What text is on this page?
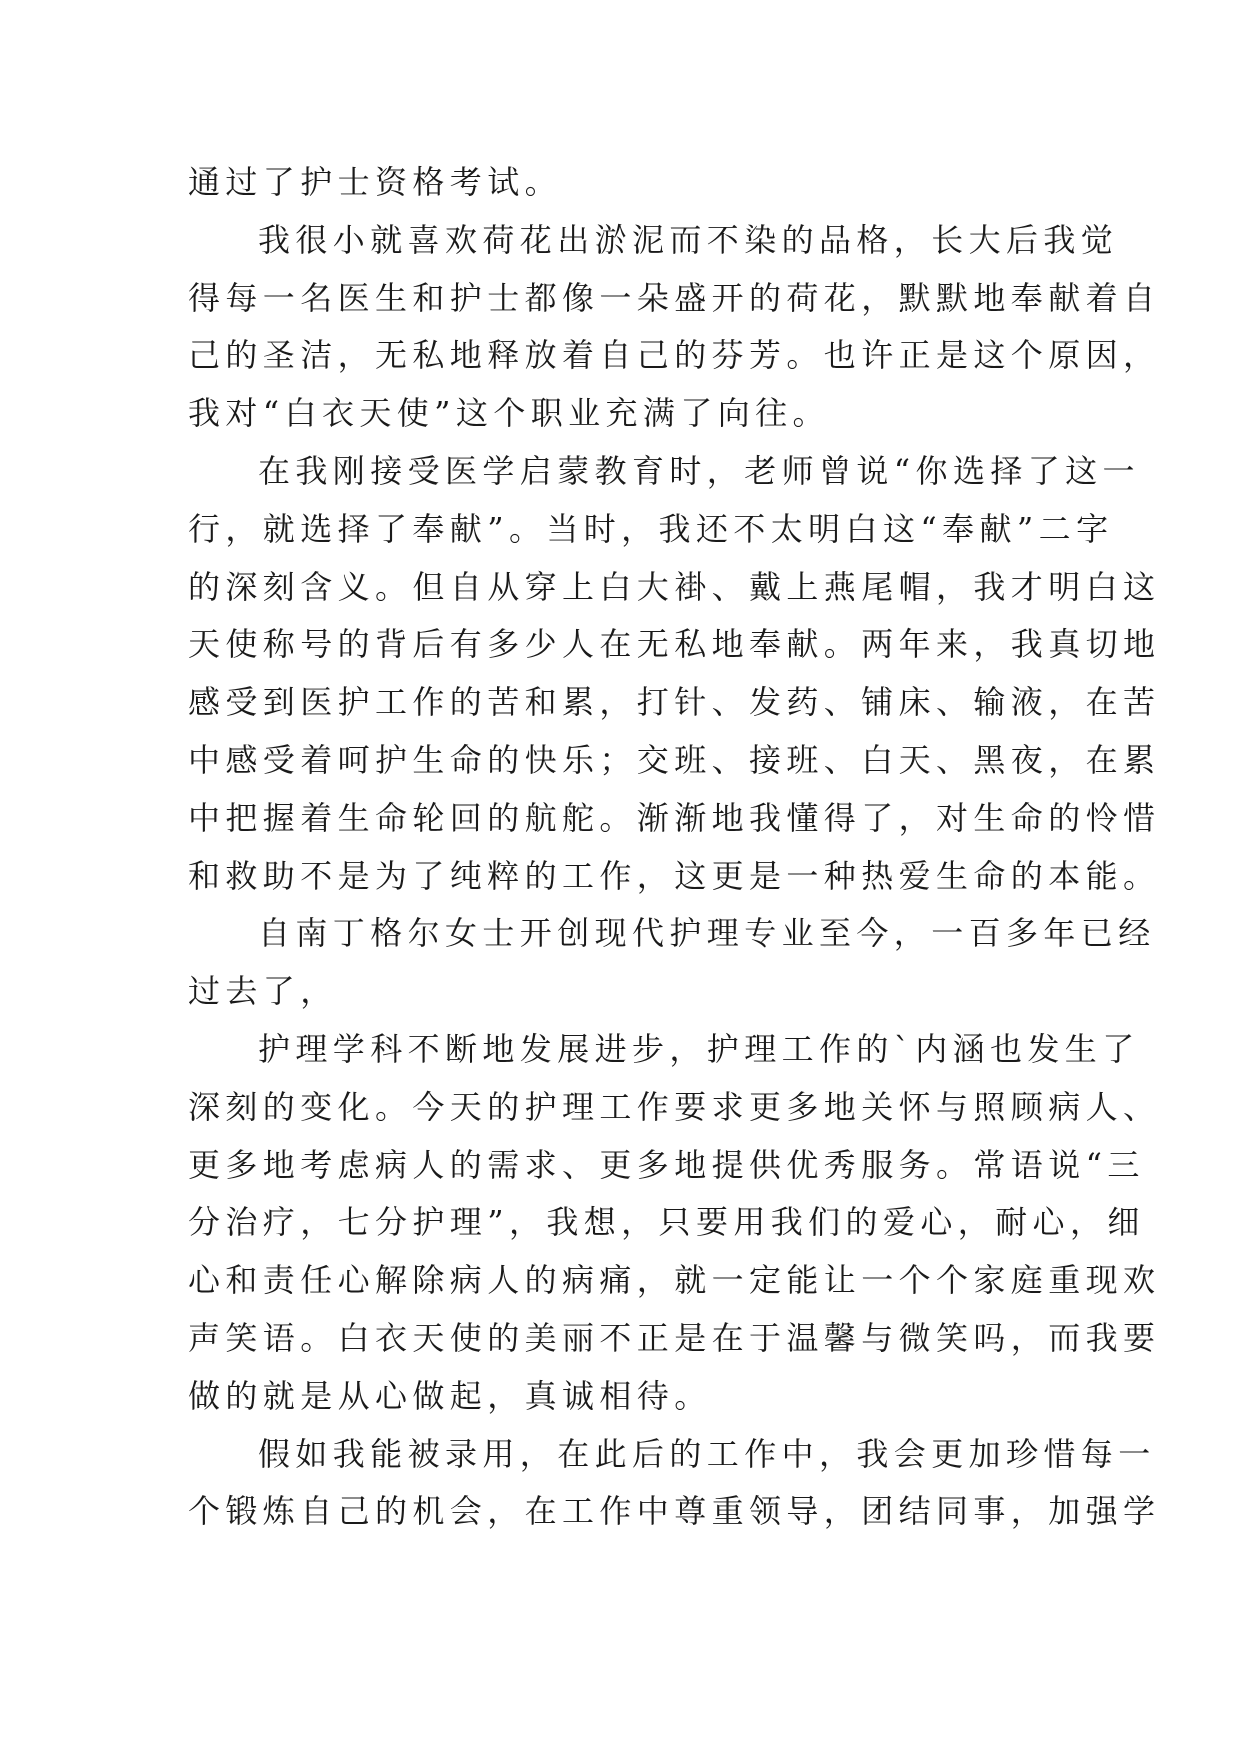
通过了护士资格考试。
我很小就喜欢荷花出淤泥而不染的品格，长大后我觉
得每一名医生和护士都像一朵盛开的荷花，默默地奉献着自
己的圣洁，无私地释放着自己的芬芳。也许正是这个原因，
我对“白衣天使”这个职业充满了向往。
在我刚接受医学启蒙教育时，老师曾说“你选择了这一
行，就选择了奉献”。当时，我还不太明白这“奉献”二字
的深刻含义。但自从穿上白大褂、戴上燕尾帽，我才明白这
天使称号的背后有多少人在无私地奉献。两年来，我真切地
感受到医护工作的苦和累，打针、发药、铺床、输液，在苦
中感受着呵护生命的快乐；交班、接班、白天、黑夜，在累
中把握着生命轮回的航舵。渐渐地我懂得了，对生命的怜惜
和救助不是为了纯粹的工作，这更是一种热爱生命的本能。
自南丁格尔女士开创现代护理专业至今，一百多年已经
过去了，
护理学科不断地发展进步，护理工作的`内涵也发生了
深刻的变化。今天的护理工作要求更多地关怀与照顾病人、
更多地考虑病人的需求、更多地提供优秀服务。常语说“三
分治疗，七分护理”，我想，只要用我们的爱心，耐心，细
心和责任心解除病人的病痛，就一定能让一个个家庭重现欢
声笑语。白衣天使的美丽不正是在于温馨与微笑吗，而我要
做的就是从心做起，真诚相待。
假如我能被录用，在此后的工作中，我会更加珍惜每一
个锻炼自己的机会，在工作中尊重领导，团结同事，加强学
